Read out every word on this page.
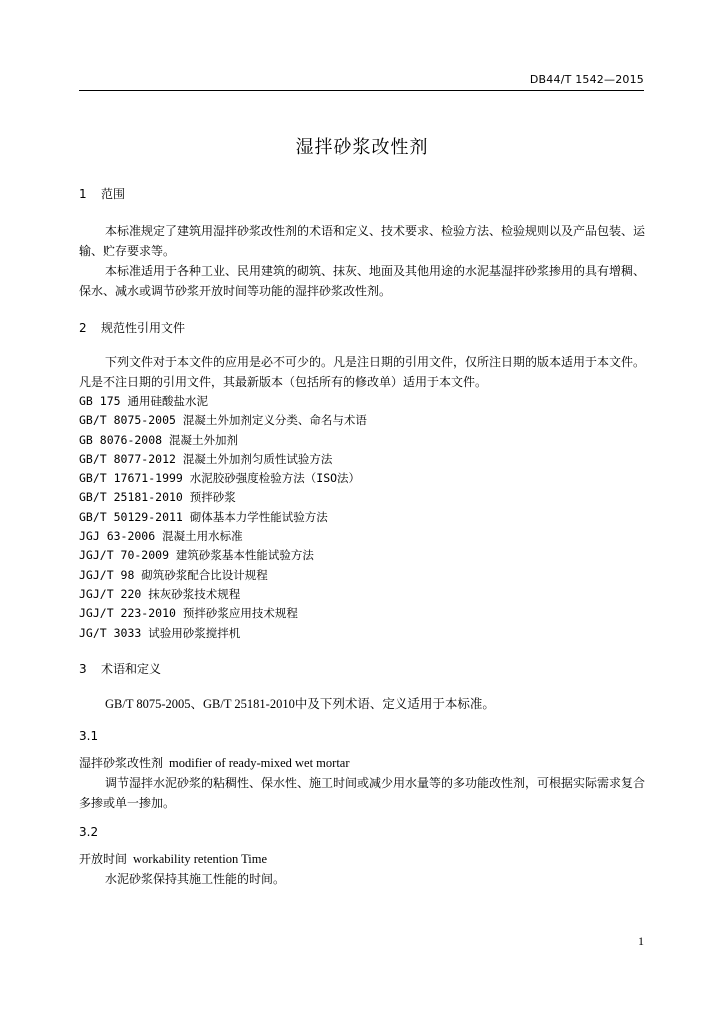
DB44/T 1542—2015
湿拌砂浆改性剂
1 范围

本标准规定了建筑用湿拌砂浆改性剂的术语和定义、技术要求、检验方法、检验规则以及产品包装、运输、贮存要求等。

本标准适用于各种工业、民用建筑的砌筑、抹灰、地面及其他用途的水泥基湿拌砂浆掺用的具有增稠、保水、减水或调节砂浆开放时间等功能的湿拌砂浆改性剂。

2 规范性引用文件

下列文件对于本文件的应用是必不可少的。凡是注日期的引用文件，仅所注日期的版本适用于本文件。凡是不注日期的引用文件，其最新版本（包括所有的修改单）适用于本文件。

GB 175 通用硅酸盐水泥

GB/T 8075-2005 混凝土外加剂定义分类、命名与术语

GB 8076-2008 混凝土外加剂

GB/T 8077-2012 混凝土外加剂匀质性试验方法

GB/T 17671-1999 水泥胶砂强度检验方法（ISO法）

GB/T 25181-2010 预拌砂浆

GB/T 50129-2011 砌体基本力学性能试验方法

JGJ 63-2006 混凝土用水标准

JGJ/T 70-2009 建筑砂浆基本性能试验方法

JGJ/T 98 砌筑砂浆配合比设计规程

JGJ/T 220 抹灰砂浆技术规程

JGJ/T 223-2010 预拌砂浆应用技术规程

JG/T 3033 试验用砂浆搅拌机

3 术语和定义

GB/T 8075-2005、GB/T 25181-2010中及下列术语、定义适用于本标准。

3.1

湿拌砂浆改性剂 modifier of ready-mixed wet mortar

调节湿拌水泥砂浆的粘稠性、保水性、施工时间或减少用水量等的多功能改性剂，可根据实际需求复合多掺或单一掺加。

3.2

开放时间 workability retention Time

水泥砂浆保持其施工性能的时间。

1
